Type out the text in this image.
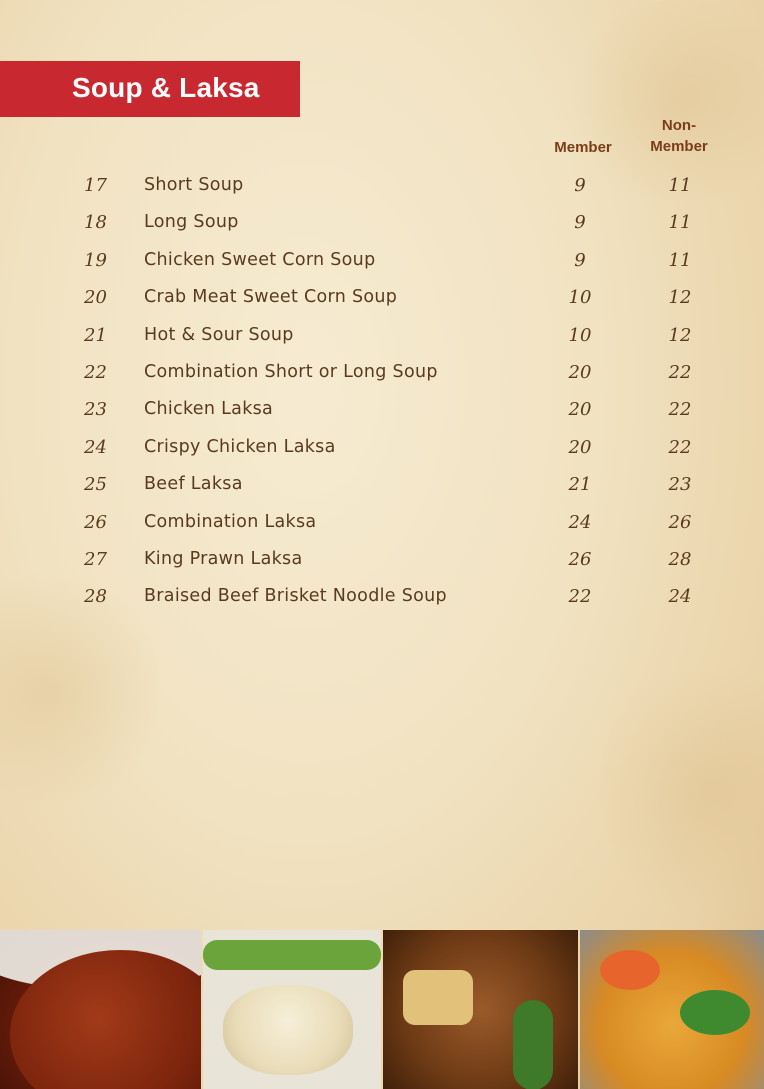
Soup & Laksa
Member
Non-
Member
17	Short Soup	9	11
18	Long Soup	9	11
19	Chicken Sweet Corn Soup	9	11
20	Crab Meat Sweet Corn Soup	10	12
21	Hot & Sour Soup	10	12
22	Combination Short or Long Soup	20	22
23	Chicken Laksa	20	22
24	Crispy Chicken Laksa	20	22
25	Beef Laksa	21	23
26	Combination Laksa	24	26
27	King Prawn Laksa	26	28
28	Braised Beef Brisket Noodle Soup	22	24
